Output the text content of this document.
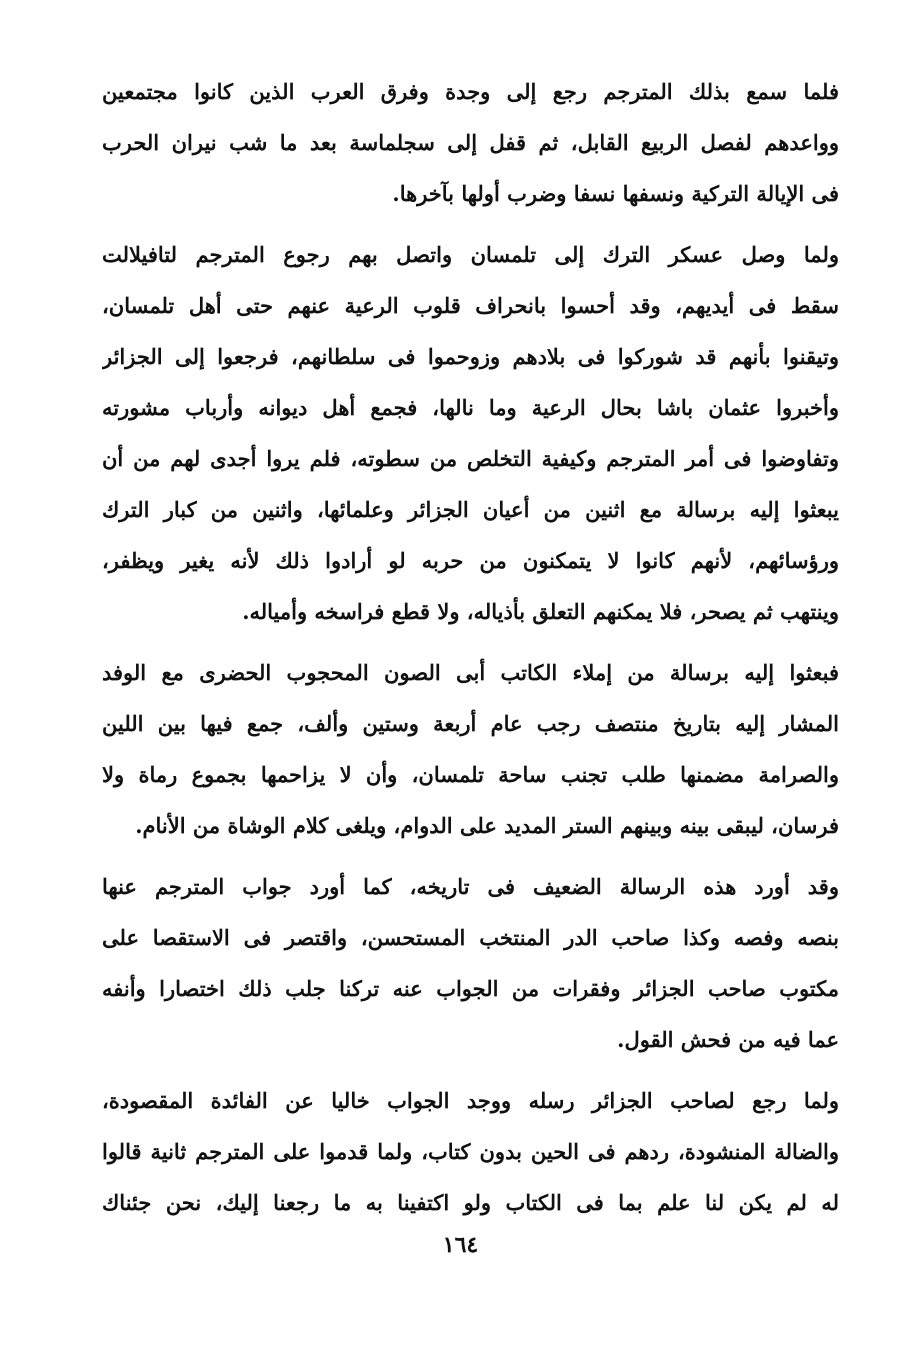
فلما سمع بذلك المترجم رجع إلى وجدة وفرق العرب الذين كانوا مجتمعين
وواعدهم لفصل الربيع القابل، ثم قفل إلى سجلماسة بعد ما شب نيران الحرب
فى الإيالة التركية ونسفها نسفا وضرب أولها بآخرها.
ولما وصل عسكر الترك إلى تلمسان واتصل بهم رجوع المترجم لتافيلالت
سقط فى أيديهم، وقد أحسوا بانحراف قلوب الرعية عنهم حتى أهل تلمسان،
وتيقنوا بأنهم قد شوركوا فى بلادهم وزوحموا فى سلطانهم، فرجعوا إلى الجزائر
وأخبروا عثمان باشا بحال الرعية وما نالها، فجمع أهل ديوانه وأرباب مشورته
وتفاوضوا فى أمر المترجم وكيفية التخلص من سطوته، فلم يروا أجدى لهم من أن
يبعثوا إليه برسالة مع اثنين من أعيان الجزائر وعلمائها، واثنين من كبار الترك
ورؤسائهم، لأنهم كانوا لا يتمكنون من حربه لو أرادوا ذلك لأنه يغير ويظفر،
وينتهب ثم يصحر، فلا يمكنهم التعلق بأذياله، ولا قطع فراسخه وأمياله.
فبعثوا إليه برسالة من إملاء الكاتب أبى الصون المحجوب الحضرى مع الوفد
المشار إليه بتاريخ منتصف رجب عام أربعة وستين وألف، جمع فيها بين اللين
والصرامة مضمنها طلب تجنب ساحة تلمسان، وأن لا يزاحمها بجموع رماة ولا
فرسان، ليبقى بينه وبينهم الستر المديد على الدوام، ويلغى كلام الوشاة من الأنام.
وقد أورد هذه الرسالة الضعيف فى تاريخه، كما أورد جواب المترجم عنها
بنصه وفصه وكذا صاحب الدر المنتخب المستحسن، واقتصر فى الاستقصا على
مكتوب صاحب الجزائر وفقرات من الجواب عنه تركنا جلب ذلك اختصارا وأنفه
عما فيه من فحش القول.
ولما رجع لصاحب الجزائر رسله ووجد الجواب خاليا عن الفائدة المقصودة،
والضالة المنشودة، ردهم فى الحين بدون كتاب، ولما قدموا على المترجم ثانية قالوا
له لم يكن لنا علم بما فى الكتاب ولو اكتفينا به ما رجعنا إليك، نحن جئناك
١٦٤
